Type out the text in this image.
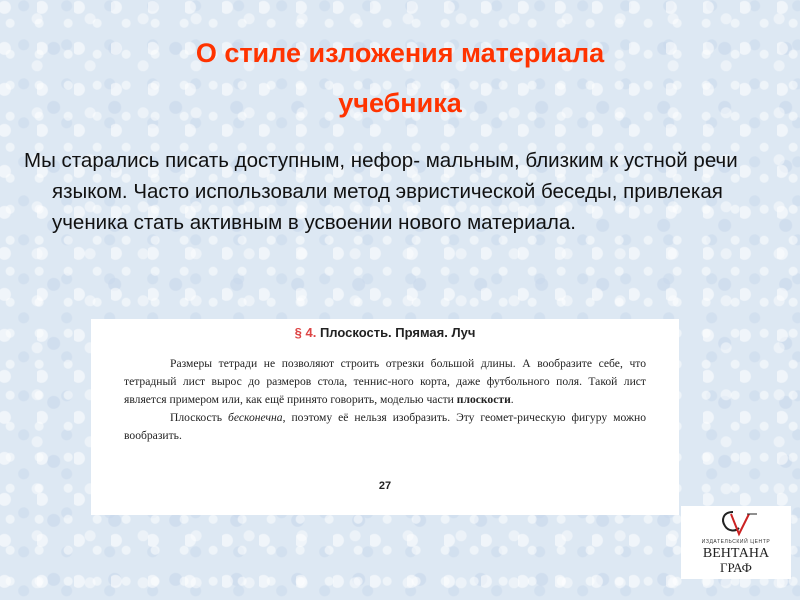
О стиле изложения материала
учебника
Мы старались писать доступным, нефор- мальным, близким к устной речи языком. Часто использовали метод эвристической беседы, привлекая ученика стать активным в усвоении нового материала.
§ 4. Плоскость. Прямая. Луч

Размеры тетради не позволяют строить отрезки большой длины. А вообразите себе, что тетрадный лист вырос до размеров стола, теннис-ного корта, даже футбольного поля. Такой лист является примером или, как ещё принято говорить, моделью части плоскости.

Плоскость бесконечна, поэтому её нельзя изобразить. Эту геомет-рическую фигуру можно вообразить.

27
ИЗДАТЕЛЬСКИЙ ЦЕНТР
ВЕНТАНА
ГРАФ
